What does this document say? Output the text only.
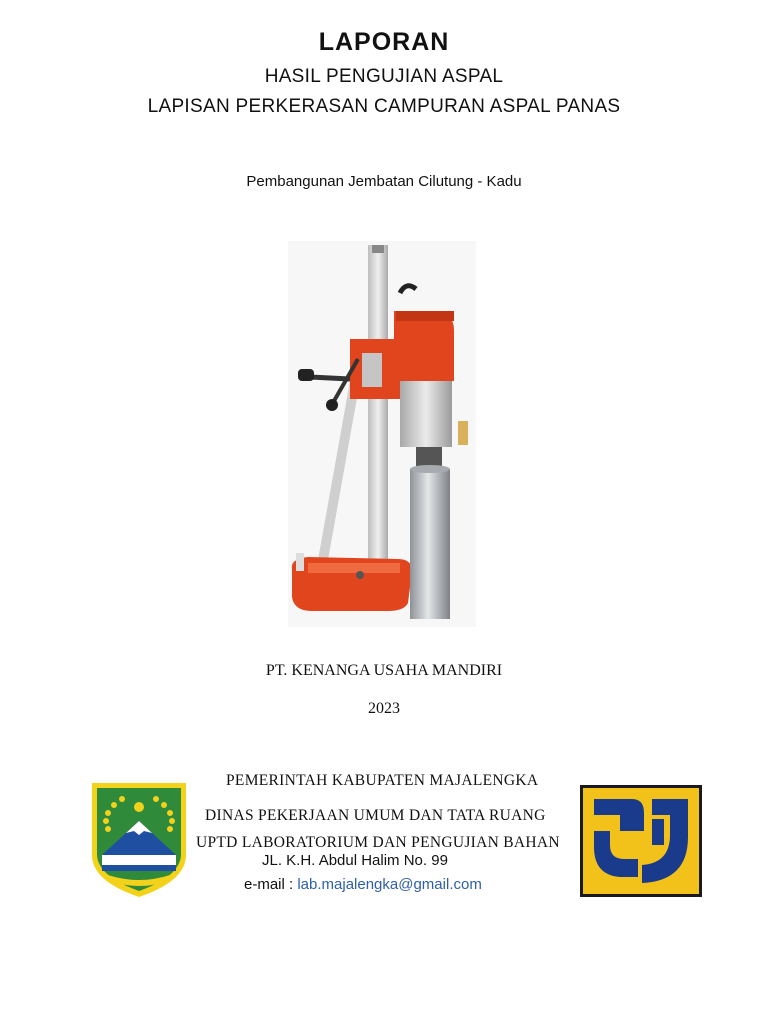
LAPORAN
HASIL PENGUJIAN ASPAL
LAPISAN PERKERASAN CAMPURAN ASPAL PANAS
Pembangunan Jembatan Cilutung - Kadu
PT. KENANGA USAHA MANDIRI
2023
PEMERINTAH KABUPATEN MAJALENGKA
DINAS PEKERJAAN UMUM DAN TATA RUANG
UPTD LABORATORIUM DAN PENGUJIAN BAHAN
JL. K.H. Abdul Halim No. 99
e-mail : lab.majalengka@gmail.com
